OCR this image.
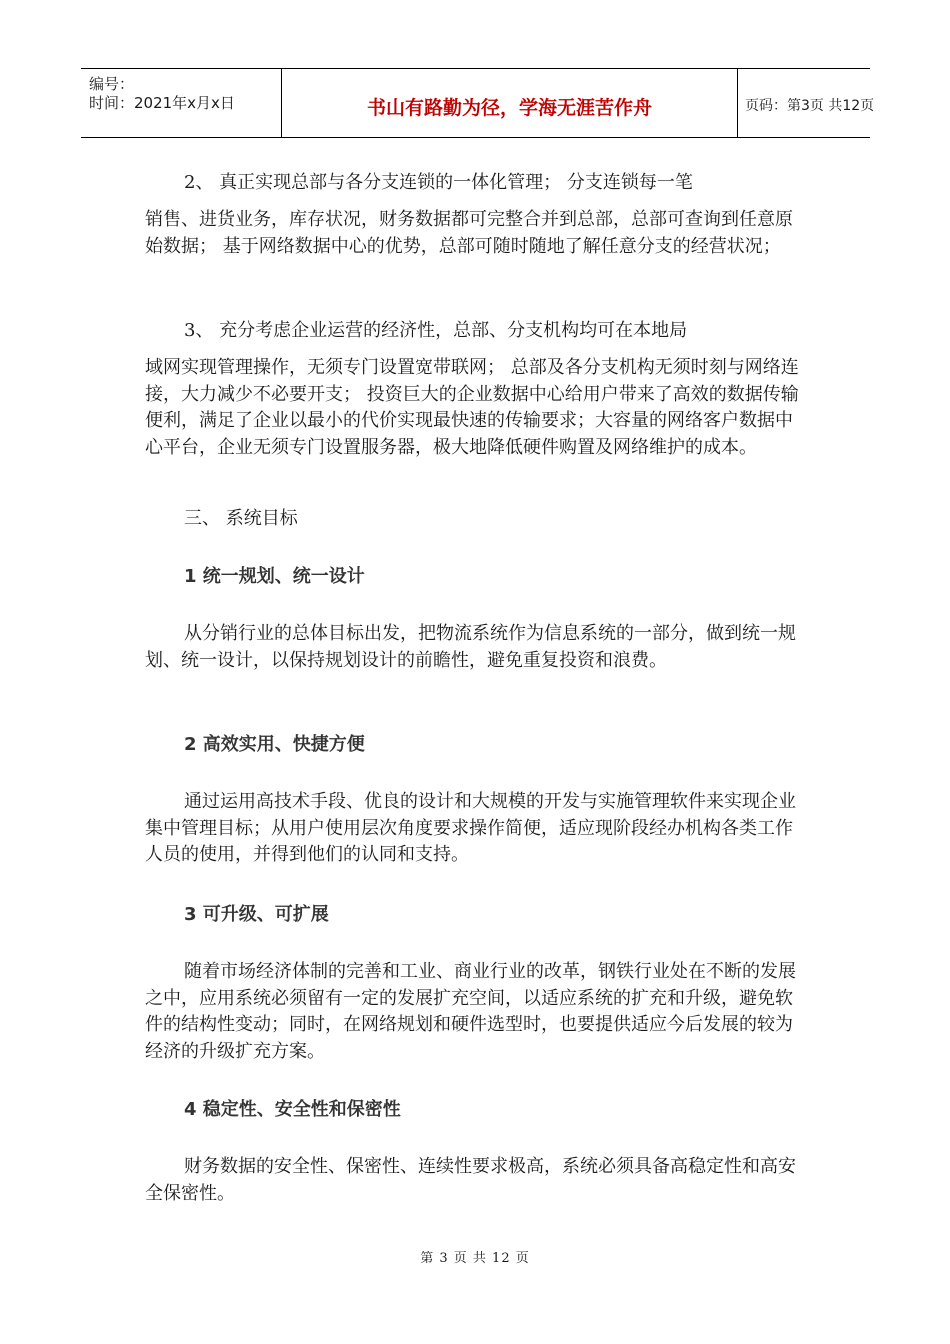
编号：
时间：2021年x月x日	书山有路勤为径，学海无涯苦作舟	页码：第3页 共12页

2、 真正实现总部与各分支连锁的一体化管理； 分支连锁每一笔

销售、进货业务，库存状况，财务数据都可完整合并到总部，总部可查询到任意原始数据； 基于网络数据中心的优势，总部可随时随地了解任意分支的经营状况；

3、 充分考虑企业运营的经济性，总部、分支机构均可在本地局

域网实现管理操作，无须专门设置宽带联网； 总部及各分支机构无须时刻与网络连接，大力减少不必要开支； 投资巨大的企业数据中心给用户带来了高效的数据传输便利，满足了企业以最小的代价实现最快速的传输要求；大容量的网络客户数据中心平台，企业无须专门设置服务器，极大地降低硬件购置及网络维护的成本。

三、 系统目标

1 统一规划、统一设计

从分销行业的总体目标出发，把物流系统作为信息系统的一部分，做到统一规划、统一设计，以保持规划设计的前瞻性，避免重复投资和浪费。

2 高效实用、快捷方便

通过运用高技术手段、优良的设计和大规模的开发与实施管理软件来实现企业集中管理目标；从用户使用层次角度要求操作简便，适应现阶段经办机构各类工作人员的使用，并得到他们的认同和支持。

3 可升级、可扩展

随着市场经济体制的完善和工业、商业行业的改革，钢铁行业处在不断的发展之中，应用系统必须留有一定的发展扩充空间，以适应系统的扩充和升级，避免软件的结构性变动；同时，在网络规划和硬件选型时，也要提供适应今后发展的较为经济的升级扩充方案。

4 稳定性、安全性和保密性

财务数据的安全性、保密性、连续性要求极高，系统必须具备高稳定性和高安全保密性。

第 3 页 共 12 页
